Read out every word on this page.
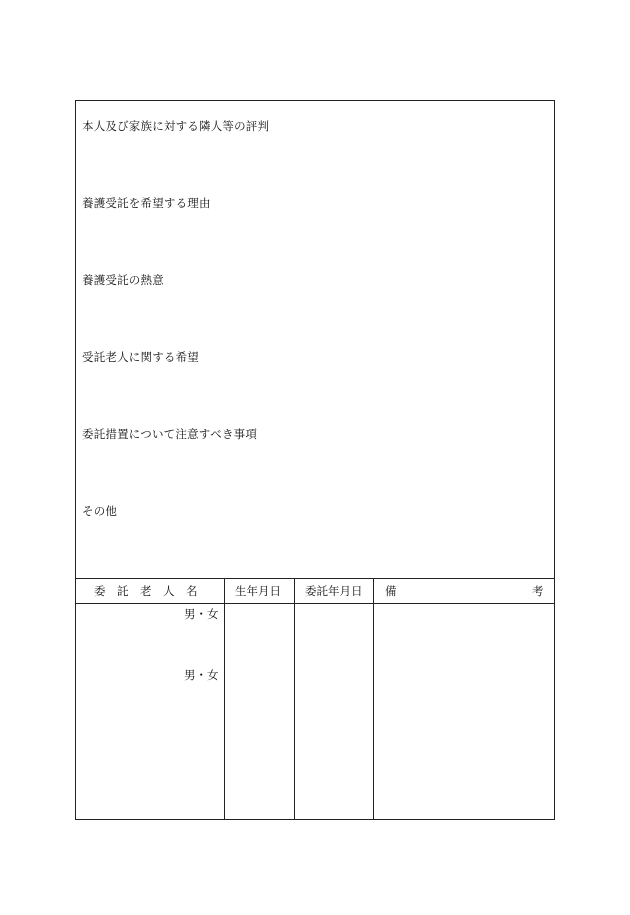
本人及び家族に対する隣人等の評判
養護受託を希望する理由
養護受託の熱意
受託老人に関する希望
委託措置について注意すべき事項
その他
委　託　老　人　名	生年月日 委託年月日 備	考
男・女
男・女
